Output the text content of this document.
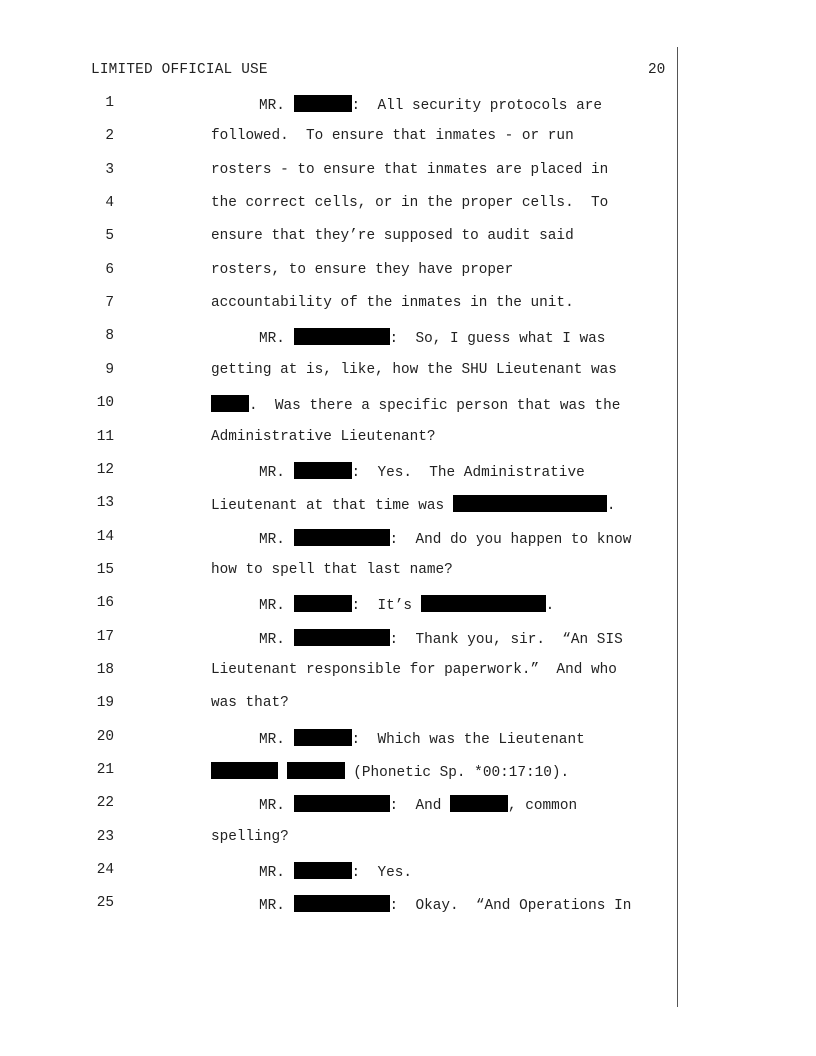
LIMITED OFFICIAL USE	20
1	MR.	:  All security protocols are
2	followed.  To ensure that inmates - or run
3	rosters - to ensure that inmates are placed in
4	the correct cells, or in the proper cells.  To
5	ensure that they’re supposed to audit said
6	rosters, to ensure they have proper
7	accountability of the inmates in the unit.
8	MR.	:  So, I guess what I was
9	getting at is, like, how the SHU Lieutenant was
10	.  Was there a specific person that was the
11	Administrative Lieutenant?
12	MR.	:  Yes.  The Administrative
13	Lieutenant at that time was	.
14	MR.	:  And do you happen to know
15	how to spell that last name?
16	MR.	:  It’s	.
17	MR.	:  Thank you, sir.  “An SIS
18	Lieutenant responsible for paperwork.”  And who
19	was that?
20	MR.	:  Which was the Lieutenant
21	(Phonetic Sp. *00:17:10).
22	MR.	:  And	, common
23	spelling?
24	MR.	:  Yes.
25	MR.	:  Okay.  “And Operations In
